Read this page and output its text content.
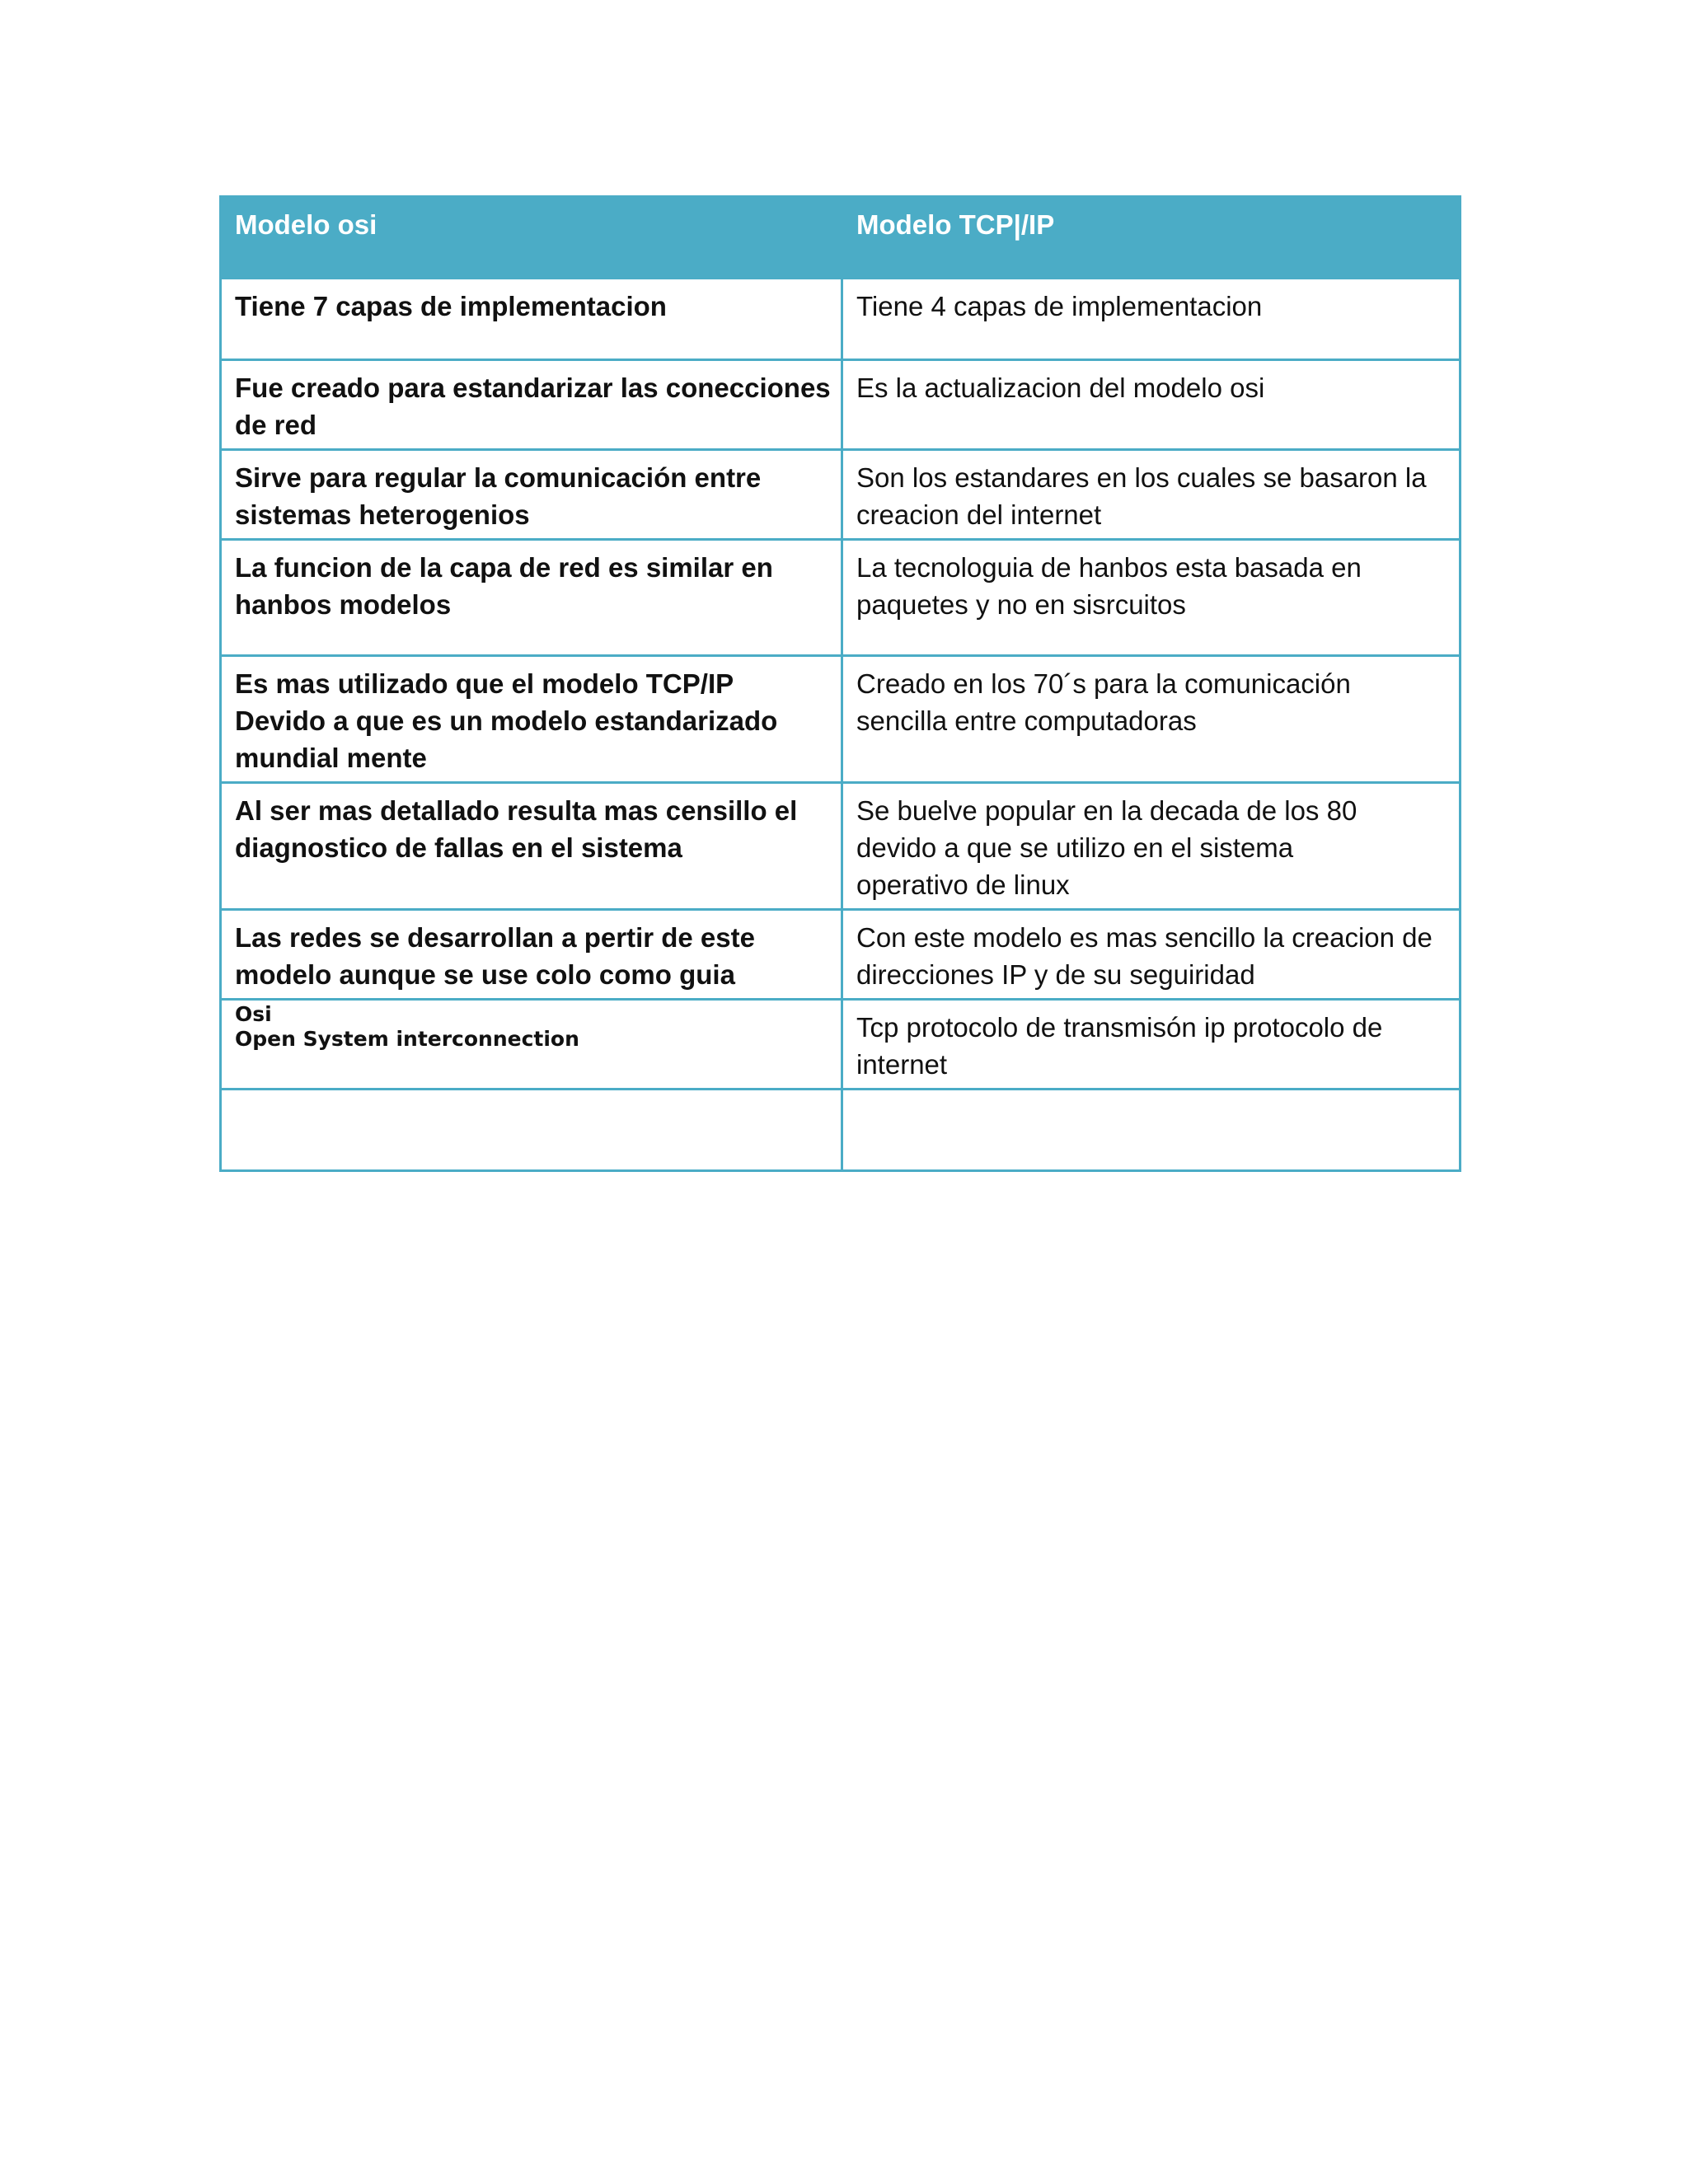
Modelo osi	Modelo TCP|/IP

Tiene 7 capas de implementacion	Tiene 4 capas de implementacion

Fue creado para estandarizar las conecciones
de red	Es la actualizacion del modelo osi

Sirve para regular la comunicación entre
sistemas heterogenios	Son los estandares en los cuales se basaron la
creacion del internet

La funcion de la capa de red es similar en
hanbos modelos	La tecnologuia de hanbos esta basada en
paquetes y no en sisrcuitos

Es mas utilizado que el modelo TCP/IP
Devido a que es un modelo estandarizado
mundial mente	Creado en los 70´s para la comunicación
sencilla entre computadoras

Al ser mas detallado resulta mas censillo el
diagnostico de fallas en el sistema	Se buelve popular en la decada de los 80
devido a que se utilizo en el sistema
operativo de linux

Las redes se desarrollan a pertir de este
modelo aunque se use colo como guia	Con este modelo es mas sencillo la creacion de
direcciones IP y de su seguiridad

Osi
Open System interconnection	Tcp protocolo de transmisón ip protocolo de
internet
